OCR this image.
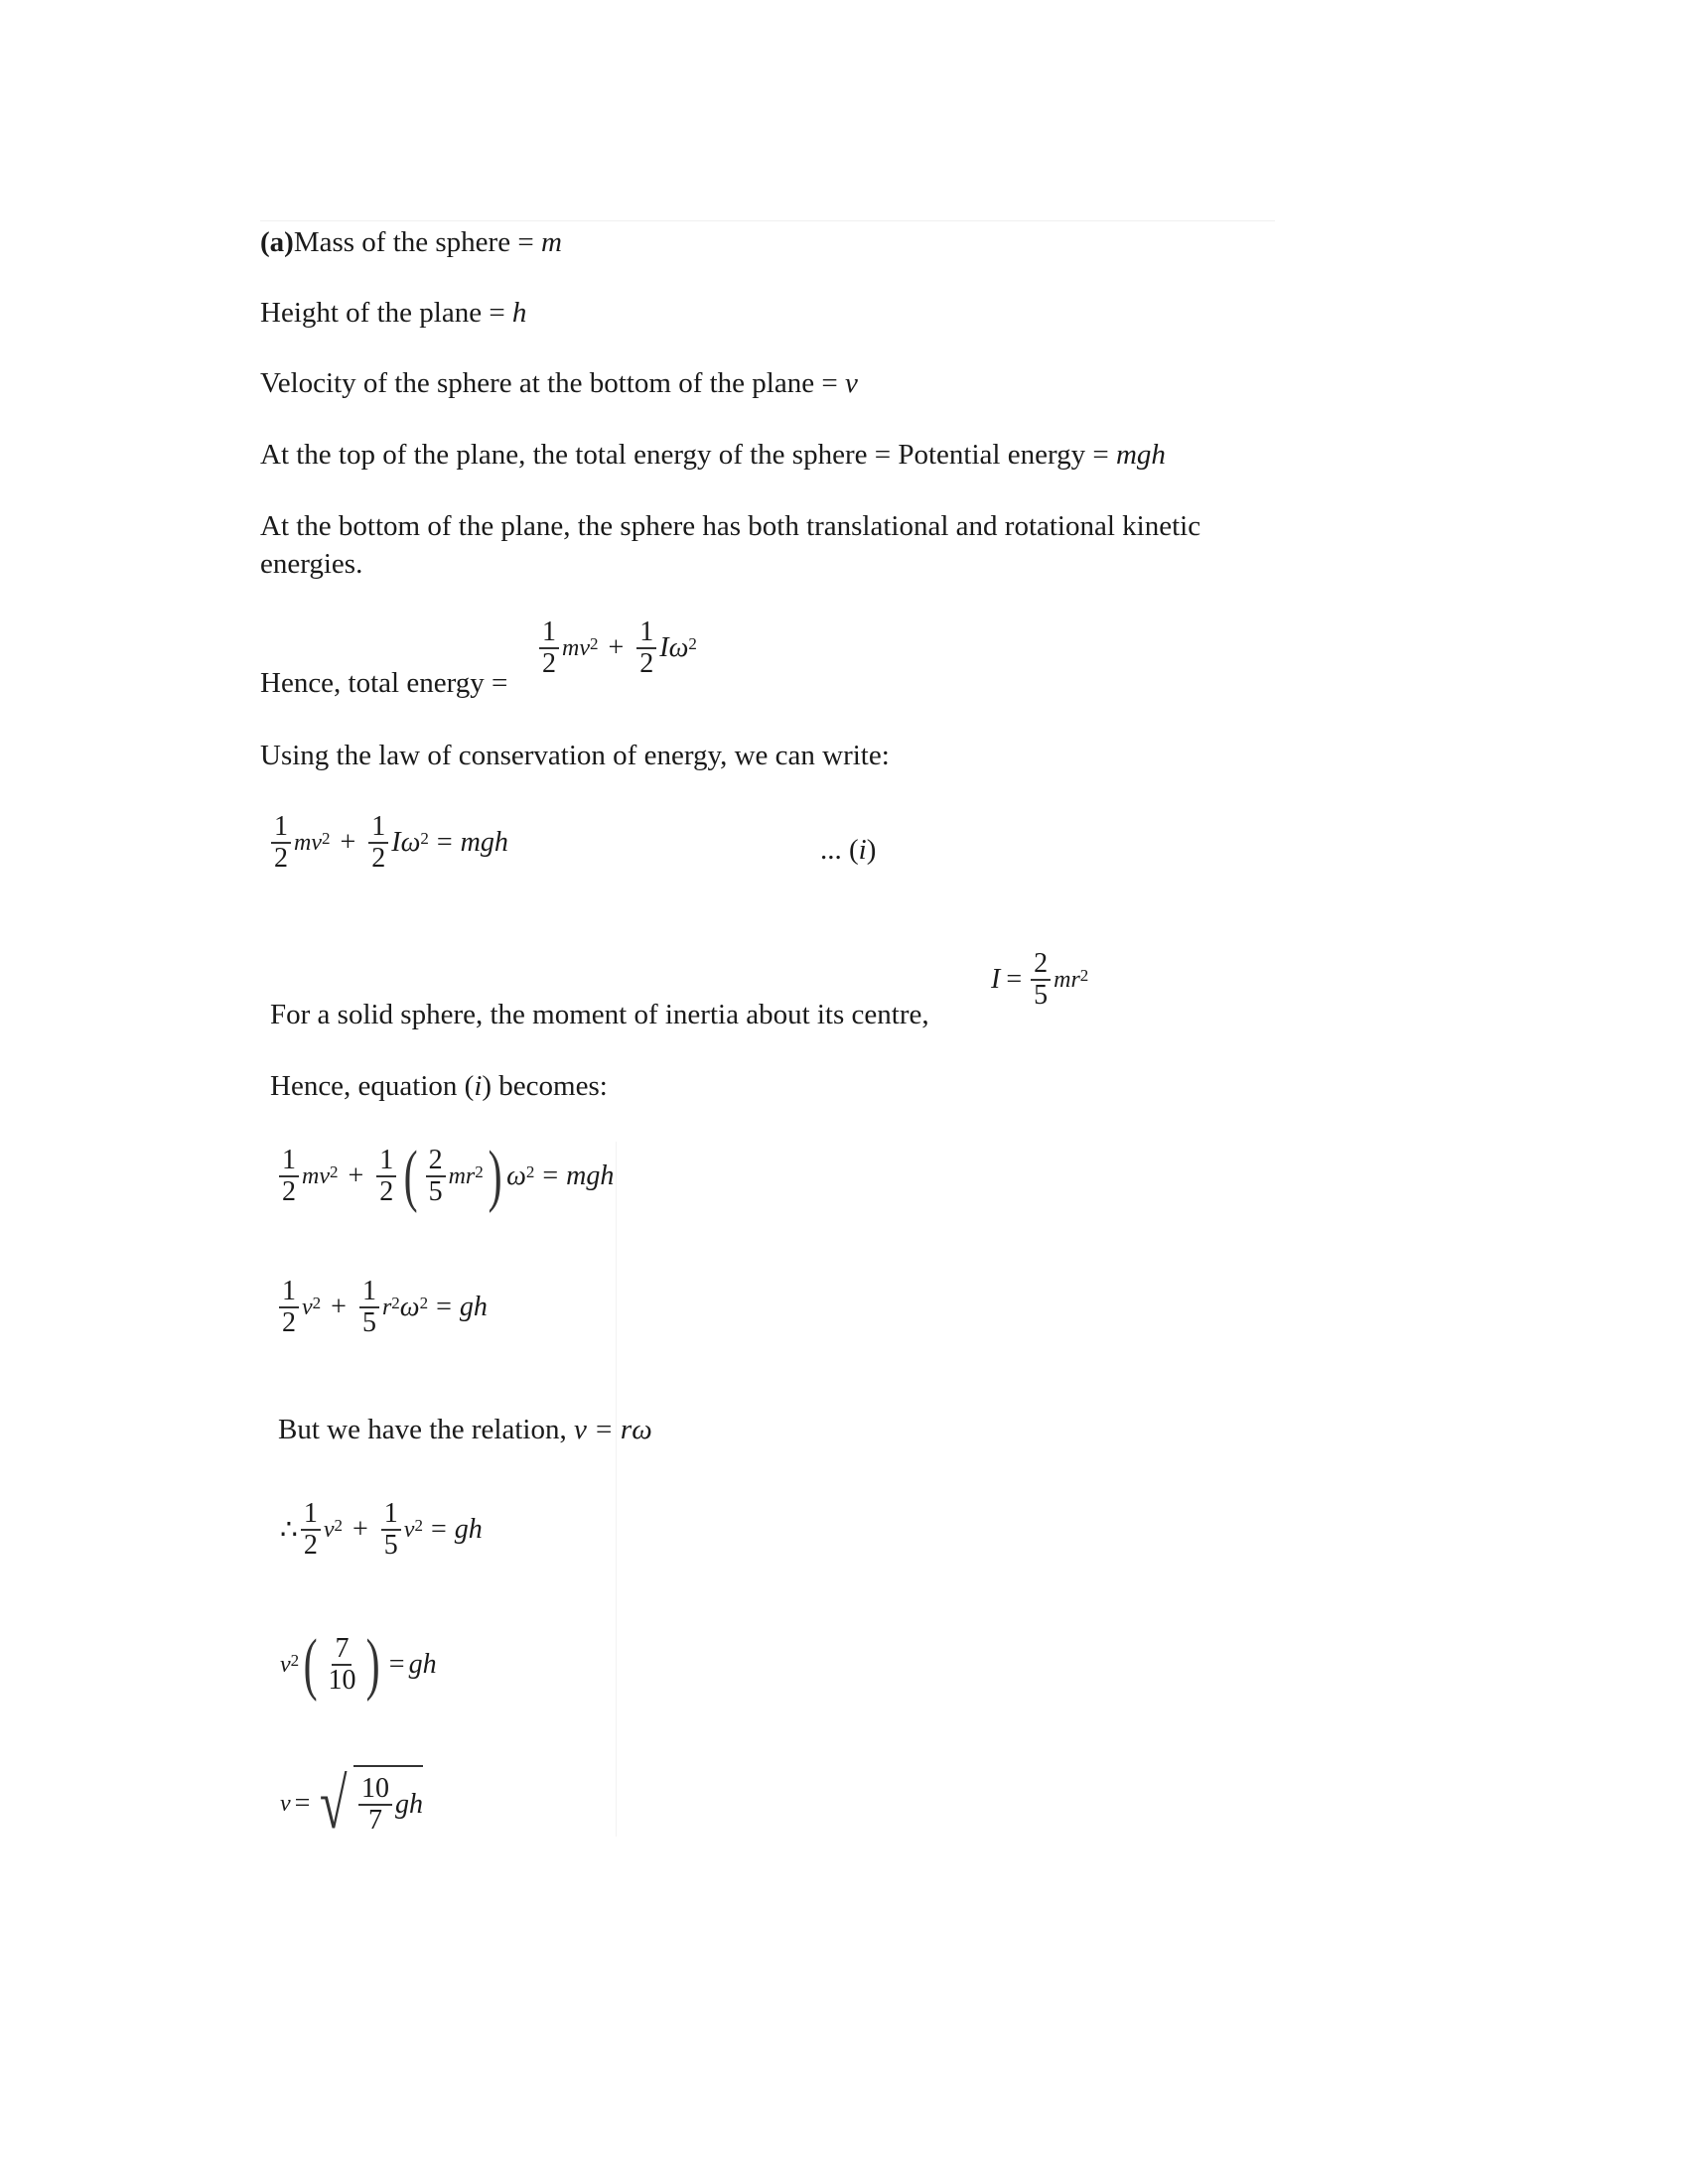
(a)Mass of the sphere = m
Height of the plane = h
Velocity of the sphere at the bottom of the plane = v
At the top of the plane, the total energy of the sphere = Potential energy = mgh
At the bottom of the plane, the sphere has both translational and rotational kinetic
energies.
Hence, total energy =
$\frac{1}{2} mv^2 + \frac{1}{2} I\omega^2$
Using the law of conservation of energy, we can write:
$\frac{1}{2} mv^2 + \frac{1}{2} I\omega^2$ = mgh	... (i)
For a solid sphere, the moment of inertia about its centre,
$I = \frac{2}{5} mr^2$
Hence, equation (i) becomes:
$\frac{1}{2} mv^2 + \frac{1}{2}$ ( $\frac{2}{5} mr^2$ ) $\omega^2$ = mgh
$\frac{1}{2} v^2 + \frac{1}{5} r^2$ $\omega^2$ = gh
But we have the relation, v = rω
∴ $\frac{1}{2} v^2 + \frac{1}{5} v^2$ = gh
$v^2$ ( $\frac{7}{10}$ ) = gh
v = √ $\frac{10}{7}$ gh
